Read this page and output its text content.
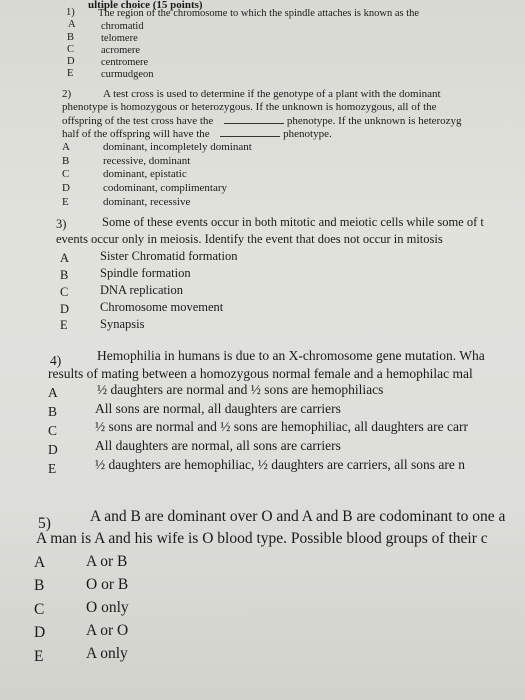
ultiple choice (15 points)
1) The region of the chromosome to which the spindle attaches is known as the
A chromatid
B	telomere
C	acromere
D	centromere
E	curmudgeon
2)	A test cross is used to determine if the genotype of a plant with the dominant
phenotype is homozygous or heterozygous. If the unknown is homozygous, all of the
offspring of the test cross have the	phenotype. If the unknown is heterozyg
half of the offspring will have the	phenotype.
A	dominant, incompletely dominant
B	recessive, dominant
C	dominant, epistatic
D	codominant, complimentary
E	dominant, recessive
3)	Some of these events occur in both mitotic and meiotic cells while some of t
events occur only in meiosis. Identify the event that does not occur in mitosis
A Sister Chromatid formation
B	Spindle formation
C	DNA replication
D Chromosome movement
E	Synapsis
4)	Hemophilia in humans is due to an X-chromosome gene mutation. Wha
results of mating between a homozygous normal female and a hemophilac mal
A	½ daughters are normal and ½ sons are hemophiliacs
B	All sons are normal, all daughters are carriers
C	½ sons are normal and ½ sons are hemophiliac, all daughters are carr
D	All daughters are normal, all sons are carriers
E	½ daughters are hemophiliac, ½ daughters are carriers, all sons are n
5)	A and B are dominant over O and A and B are codominant to one a
A man is A and his wife is O blood type. Possible blood groups of their c
A	A or B
B	O or B
C	O only
D	A or O
E	A only
